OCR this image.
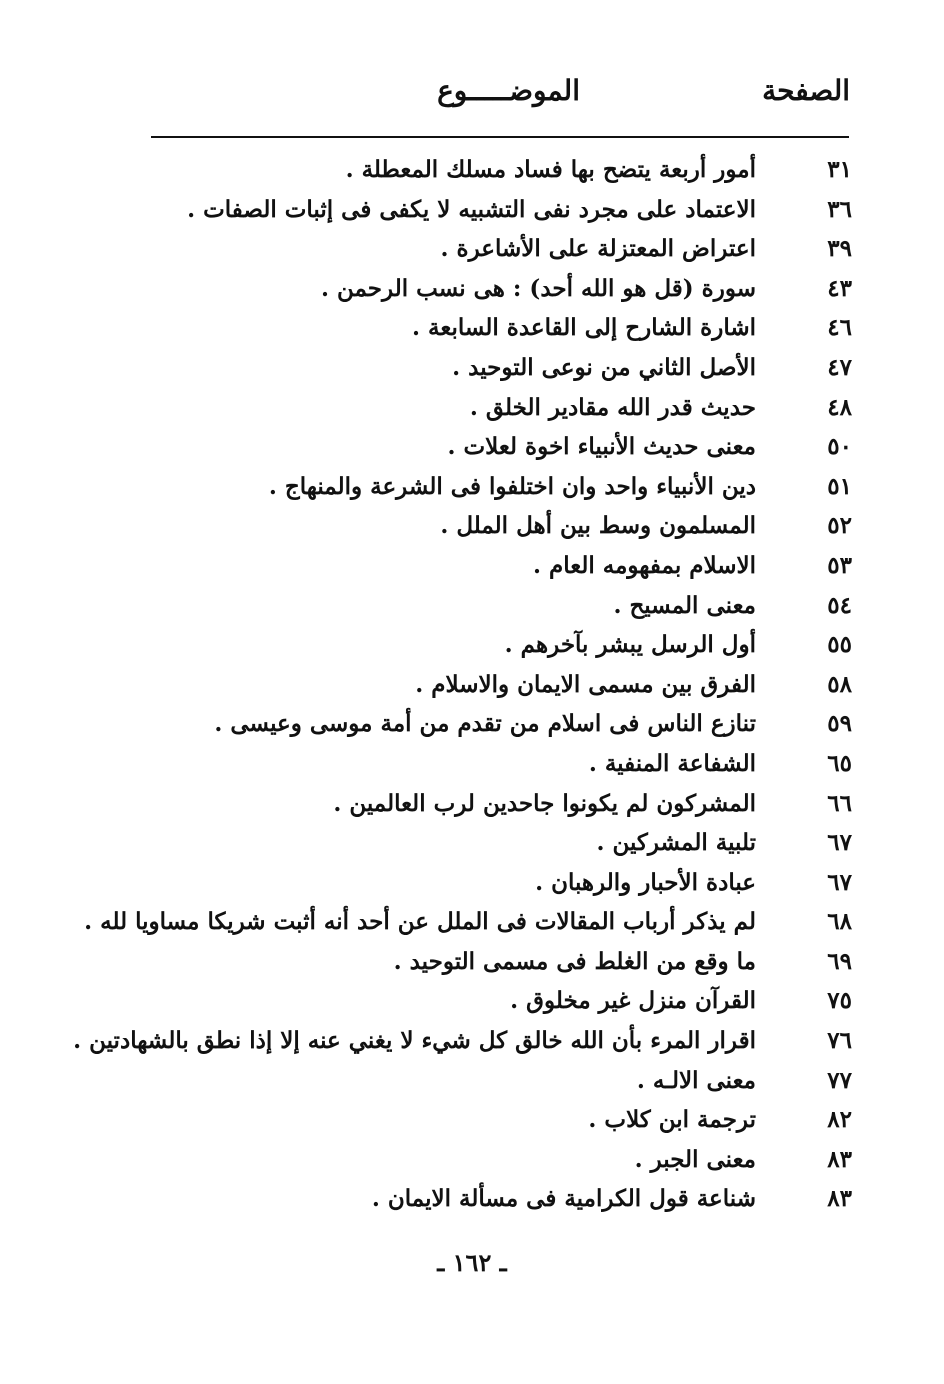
الصفحة
الموضـــــوع
٣١
أمور أربعة يتضح بها فساد مسلك المعطلة .
٣٦
الاعتماد على مجرد نفى التشبيه لا يكفى فى إثبات الصفات .
٣٩
اعتراض المعتزلة على الأشاعرة .
٤٣
سورة (قل هو الله أحد) : هى نسب الرحمن .
٤٦
اشارة الشارح إلى القاعدة السابعة .
٤٧
الأصل الثاني من نوعى التوحيد .
٤٨
حديث قدر الله مقادير الخلق .
٥٠
معنى حديث الأنبياء اخوة لعلات .
٥١
دين الأنبياء واحد وان اختلفوا فى الشرعة والمنهاج .
٥٢
المسلمون وسط بين أهل الملل .
٥٣
الاسلام بمفهومه العام .
٥٤
معنى المسيح .
٥٥
أول الرسل يبشر بآخرهم .
٥٨
الفرق بين مسمى الايمان والاسلام .
٥٩
تنازع الناس فى اسلام من تقدم من أمة موسى وعيسى .
٦٥
الشفاعة المنفية .
٦٦
المشركون لم يكونوا جاحدين لرب العالمين .
٦٧
تلبية المشركين .
٦٧
عبادة الأحبار والرهبان .
٦٨
لم يذكر أرباب المقالات فى الملل عن أحد أنه أثبت شريكا مساويا لله .
٦٩
ما وقع من الغلط فى مسمى التوحيد .
٧٥
القرآن منزل غير مخلوق .
٧٦
اقرار المرء بأن الله خالق كل شيء لا يغني عنه إلا إذا نطق بالشهادتين .
٧٧
معنى الالـه .
٨٢
ترجمة ابن كلاب .
٨٣
معنى الجبر .
٨٣
شناعة قول الكرامية فى مسألة الايمان .
ـ ١٦٢ ـ
